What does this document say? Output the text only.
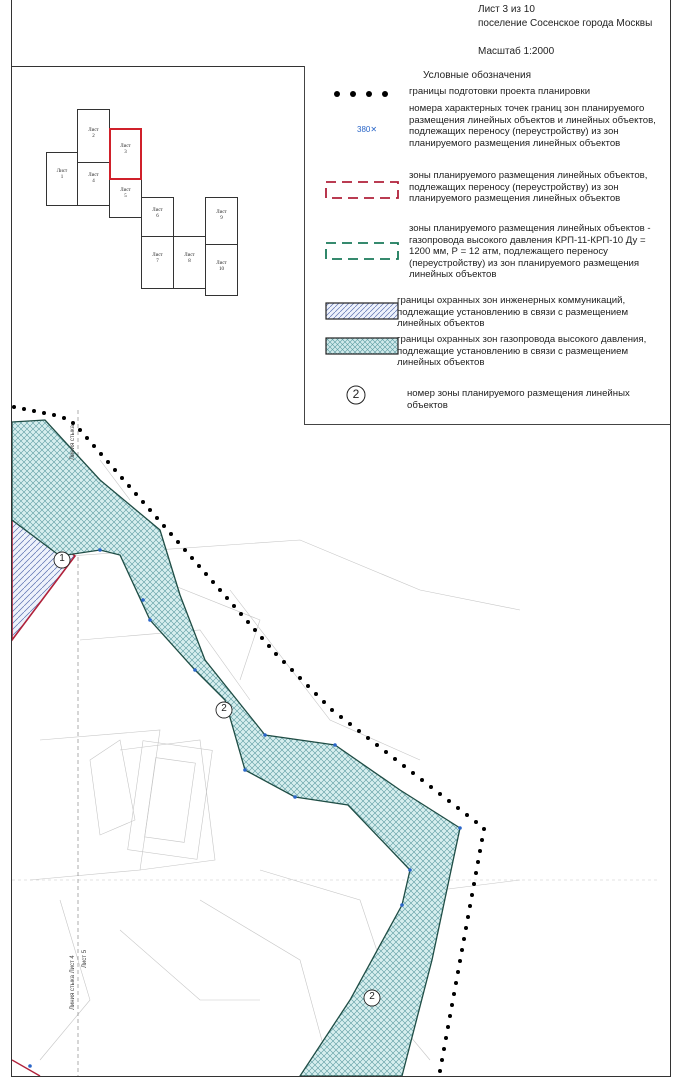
Лист 3 из 10
поселение Сосенское города Москвы
Масштаб 1:2000
1
2
2
Линия стыка
Линия стыка Лист 4 Лист 5
Лист
1
Лист
2
Лист
4
Лист
5
Лист
3
Лист
6
Лист
7
Лист
8
Лист
9
Лист
10
Условные обозначения
границы подготовки проекта планировки
380✕
номера характерных точек границ зон планируемого размещения линейных объектов и линейных объектов, подлежащих переносу (переустройству) из зон планируемого размещения линейных объектов
зоны планируемого размещения линейных объектов, подлежащих переносу (переустройству) из зон планируемого размещения линейных объектов
зоны планируемого размещения линейных объектов - газопровода высокого давления КРП-11-КРП-10 Ду = 1200 мм, Р = 12 атм, подлежащего переносу (переустройству) из зон планируемого размещения линейных объектов
границы охранных зон инженерных коммуникаций, подлежащие установлению в связи с размещением линейных объектов
границы охранных зон газопровода высокого давления, подлежащие установлению в связи с размещением линейных объектов
2	номер зоны планируемого размещения линейных объектов
